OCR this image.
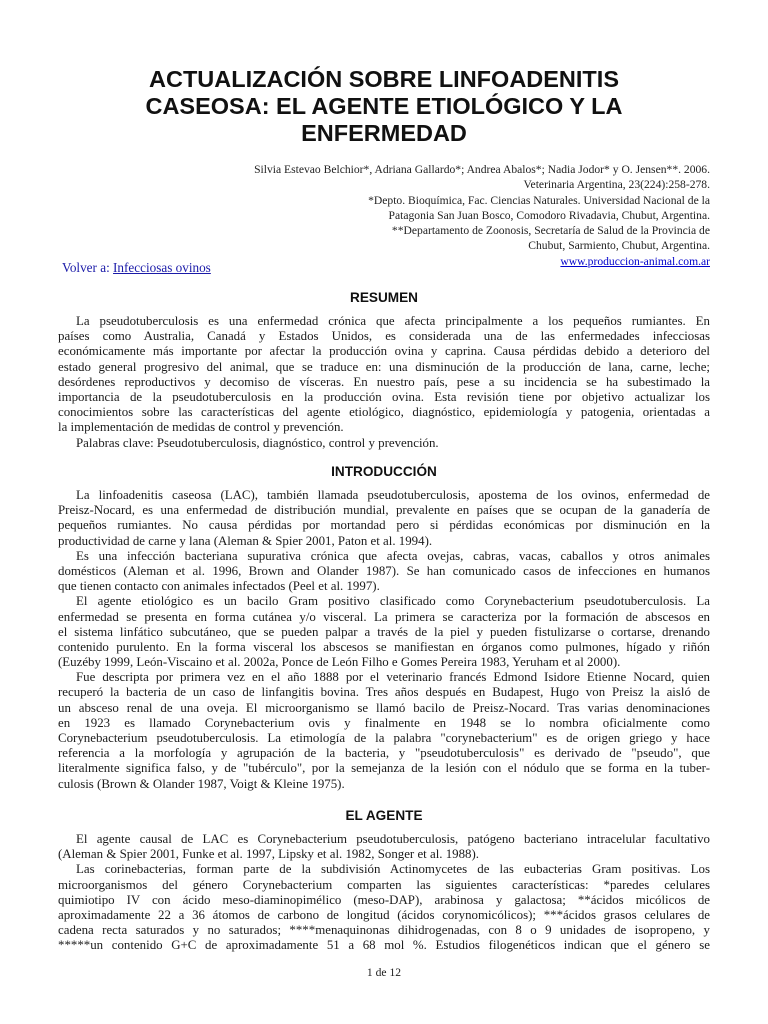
ACTUALIZACIÓN SOBRE LINFOADENITIS
CASEOSA: EL AGENTE ETIOLÓGICO Y LA
ENFERMEDAD
Silvia Estevao Belchior*, Adriana Gallardo*; Andrea Abalos*; Nadia Jodor* y O. Jensen**. 2006.
Veterinaria Argentina, 23(224):258-278.
*Depto. Bioquímica, Fac. Ciencias Naturales. Universidad Nacional de la
Patagonia San Juan Bosco, Comodoro Rivadavia, Chubut, Argentina.
**Departamento de Zoonosis, Secretaría de Salud de la Provincia de
Chubut, Sarmiento, Chubut, Argentina.
www.produccion-animal.com.ar
Volver a: Infecciosas ovinos
RESUMEN
La pseudotuberculosis es una enfermedad crónica que afecta principalmente a los pequeños rumiantes. En
países como Australia, Canadá y Estados Unidos, es considerada una de las enfermedades infecciosas
económicamente más importante por afectar la producción ovina y caprina. Causa pérdidas debido a deterioro del
estado general progresivo del animal, que se traduce en: una disminución de la producción de lana, carne, leche;
desórdenes reproductivos y decomiso de vísceras. En nuestro país, pese a su incidencia se ha subestimado la
importancia de la pseudotuberculosis en la producción ovina. Esta revisión tiene por objetivo actualizar los
conocimientos sobre las características del agente etiológico, diagnóstico, epidemiología y patogenia, orientadas a
la implementación de medidas de control y prevención.
Palabras clave: Pseudotuberculosis, diagnóstico, control y prevención.
INTRODUCCIÓN
La linfoadenitis caseosa (LAC), también llamada pseudotuberculosis, apostema de los ovinos, enfermedad de
Preisz-Nocard, es una enfermedad de distribución mundial, prevalente en países que se ocupan de la ganadería de
pequeños rumiantes. No causa pérdidas por mortandad pero si pérdidas económicas por disminución en la
productividad de carne y lana (Aleman & Spier 2001, Paton et al. 1994).
Es una infección bacteriana supurativa crónica que afecta ovejas, cabras, vacas, caballos y otros animales
domésticos (Aleman et al. 1996, Brown and Olander 1987). Se han comunicado casos de infecciones en humanos
que tienen contacto con animales infectados (Peel et al. 1997).
El agente etiológico es un bacilo Gram positivo clasificado como Corynebacterium pseudotuberculosis. La
enfermedad se presenta en forma cutánea y/o visceral. La primera se caracteriza por la formación de abscesos en
el sistema linfático subcutáneo, que se pueden palpar a través de la piel y pueden fistulizarse o cortarse, drenando
contenido purulento. En la forma visceral los abscesos se manifiestan en órganos como pulmones, hígado y riñón
(Euzéby 1999, León-Viscaino et al. 2002a, Ponce de León Filho e Gomes Pereira 1983, Yeruham et al 2000).
Fue descripta por primera vez en el año 1888 por el veterinario francés Edmond Isidore Etienne Nocard, quien
recuperó la bacteria de un caso de linfangitis bovina. Tres años después en Budapest, Hugo von Preisz la aisló de
un absceso renal de una oveja. El microorganismo se llamó bacilo de Preisz-Nocard. Tras varias denominaciones
en 1923 es llamado Corynebacterium ovis y finalmente en 1948 se lo nombra oficialmente como
Corynebacterium pseudotuberculosis. La etimología de la palabra "corynebacterium" es de origen griego y hace
referencia a la morfología y agrupación de la bacteria, y "pseudotuberculosis" es derivado de "pseudo", que
literalmente significa falso, y de "tubérculo", por la semejanza de la lesión con el nódulo que se forma en la tuber-
culosis (Brown & Olander 1987, Voigt & Kleine 1975).
EL AGENTE
El agente causal de LAC es Corynebacterium pseudotuberculosis, patógeno bacteriano intracelular facultativo
(Aleman & Spier 2001, Funke et al. 1997, Lipsky et al. 1982, Songer et al. 1988).
Las corinebacterias, forman parte de la subdivisión Actinomycetes de las eubacterias Gram positivas. Los
microorganismos del género Corynebacterium comparten las siguientes características: *paredes celulares
quimiotipo IV con ácido meso-diaminopimélico (meso-DAP), arabinosa y galactosa; **ácidos micólicos de
aproximadamente 22 a 36 átomos de carbono de longitud (ácidos corynomicólicos); ***ácidos grasos celulares de
cadena recta saturados y no saturados; ****menaquinonas dihidrogenadas, con 8 o 9 unidades de isopropeno, y
*****un contenido G+C de aproximadamente 51 a 68 mol %. Estudios filogenéticos indican que el género se
1 de 12
